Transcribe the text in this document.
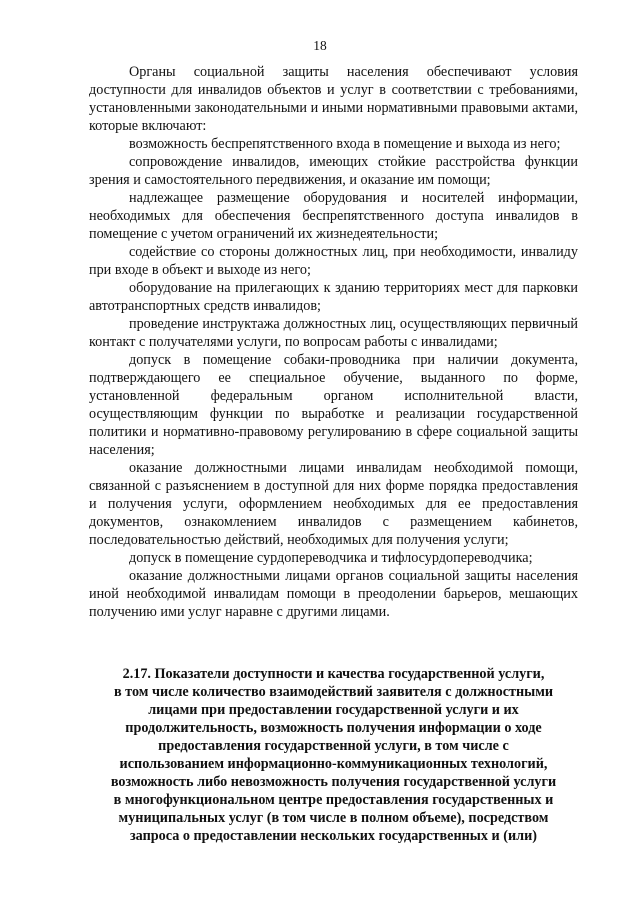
18

Органы социальной защиты населения обеспечивают условия доступности для инвалидов объектов и услуг в соответствии с требованиями, установленными законодательными и иными нормативными правовыми актами, которые включают:

возможность беспрепятственного входа в помещение и выхода из него;

сопровождение инвалидов, имеющих стойкие расстройства функции зрения и самостоятельного передвижения, и оказание им помощи;

надлежащее размещение оборудования и носителей информации, необходимых для обеспечения беспрепятственного доступа инвалидов в помещение с учетом ограничений их жизнедеятельности;

содействие со стороны должностных лиц, при необходимости, инвалиду при входе в объект и выходе из него;

оборудование на прилегающих к зданию территориях мест для парковки автотранспортных средств инвалидов;

проведение инструктажа должностных лиц, осуществляющих первичный контакт с получателями услуги, по вопросам работы с инвалидами;

допуск в помещение собаки-проводника при наличии документа, подтверждающего ее специальное обучение, выданного по форме, установленной федеральным органом исполнительной власти, осуществляющим функции по выработке и реализации государственной политики и нормативно-правовому регулированию в сфере социальной защиты населения;

оказание должностными лицами инвалидам необходимой помощи, связанной с разъяснением в доступной для них форме порядка предоставления и получения услуги, оформлением необходимых для ее предоставления документов, ознакомлением инвалидов с размещением кабинетов, последовательностью действий, необходимых для получения услуги;

допуск в помещение сурдопереводчика и тифлосурдопереводчика;

оказание должностными лицами органов социальной защиты населения иной необходимой инвалидам помощи в преодолении барьеров, мешающих получению ими услуг наравне с другими лицами.

2.17. Показатели доступности и качества государственной услуги,
в том числе количество взаимодействий заявителя с должностными
лицами при предоставлении государственной услуги и их
продолжительность, возможность получения информации о ходе
предоставления государственной услуги, в том числе с
использованием информационно-коммуникационных технологий,
возможность либо невозможность получения государственной услуги
в многофункциональном центре предоставления государственных и
муниципальных услуг (в том числе в полном объеме), посредством
запроса о предоставлении нескольких государственных и (или)
